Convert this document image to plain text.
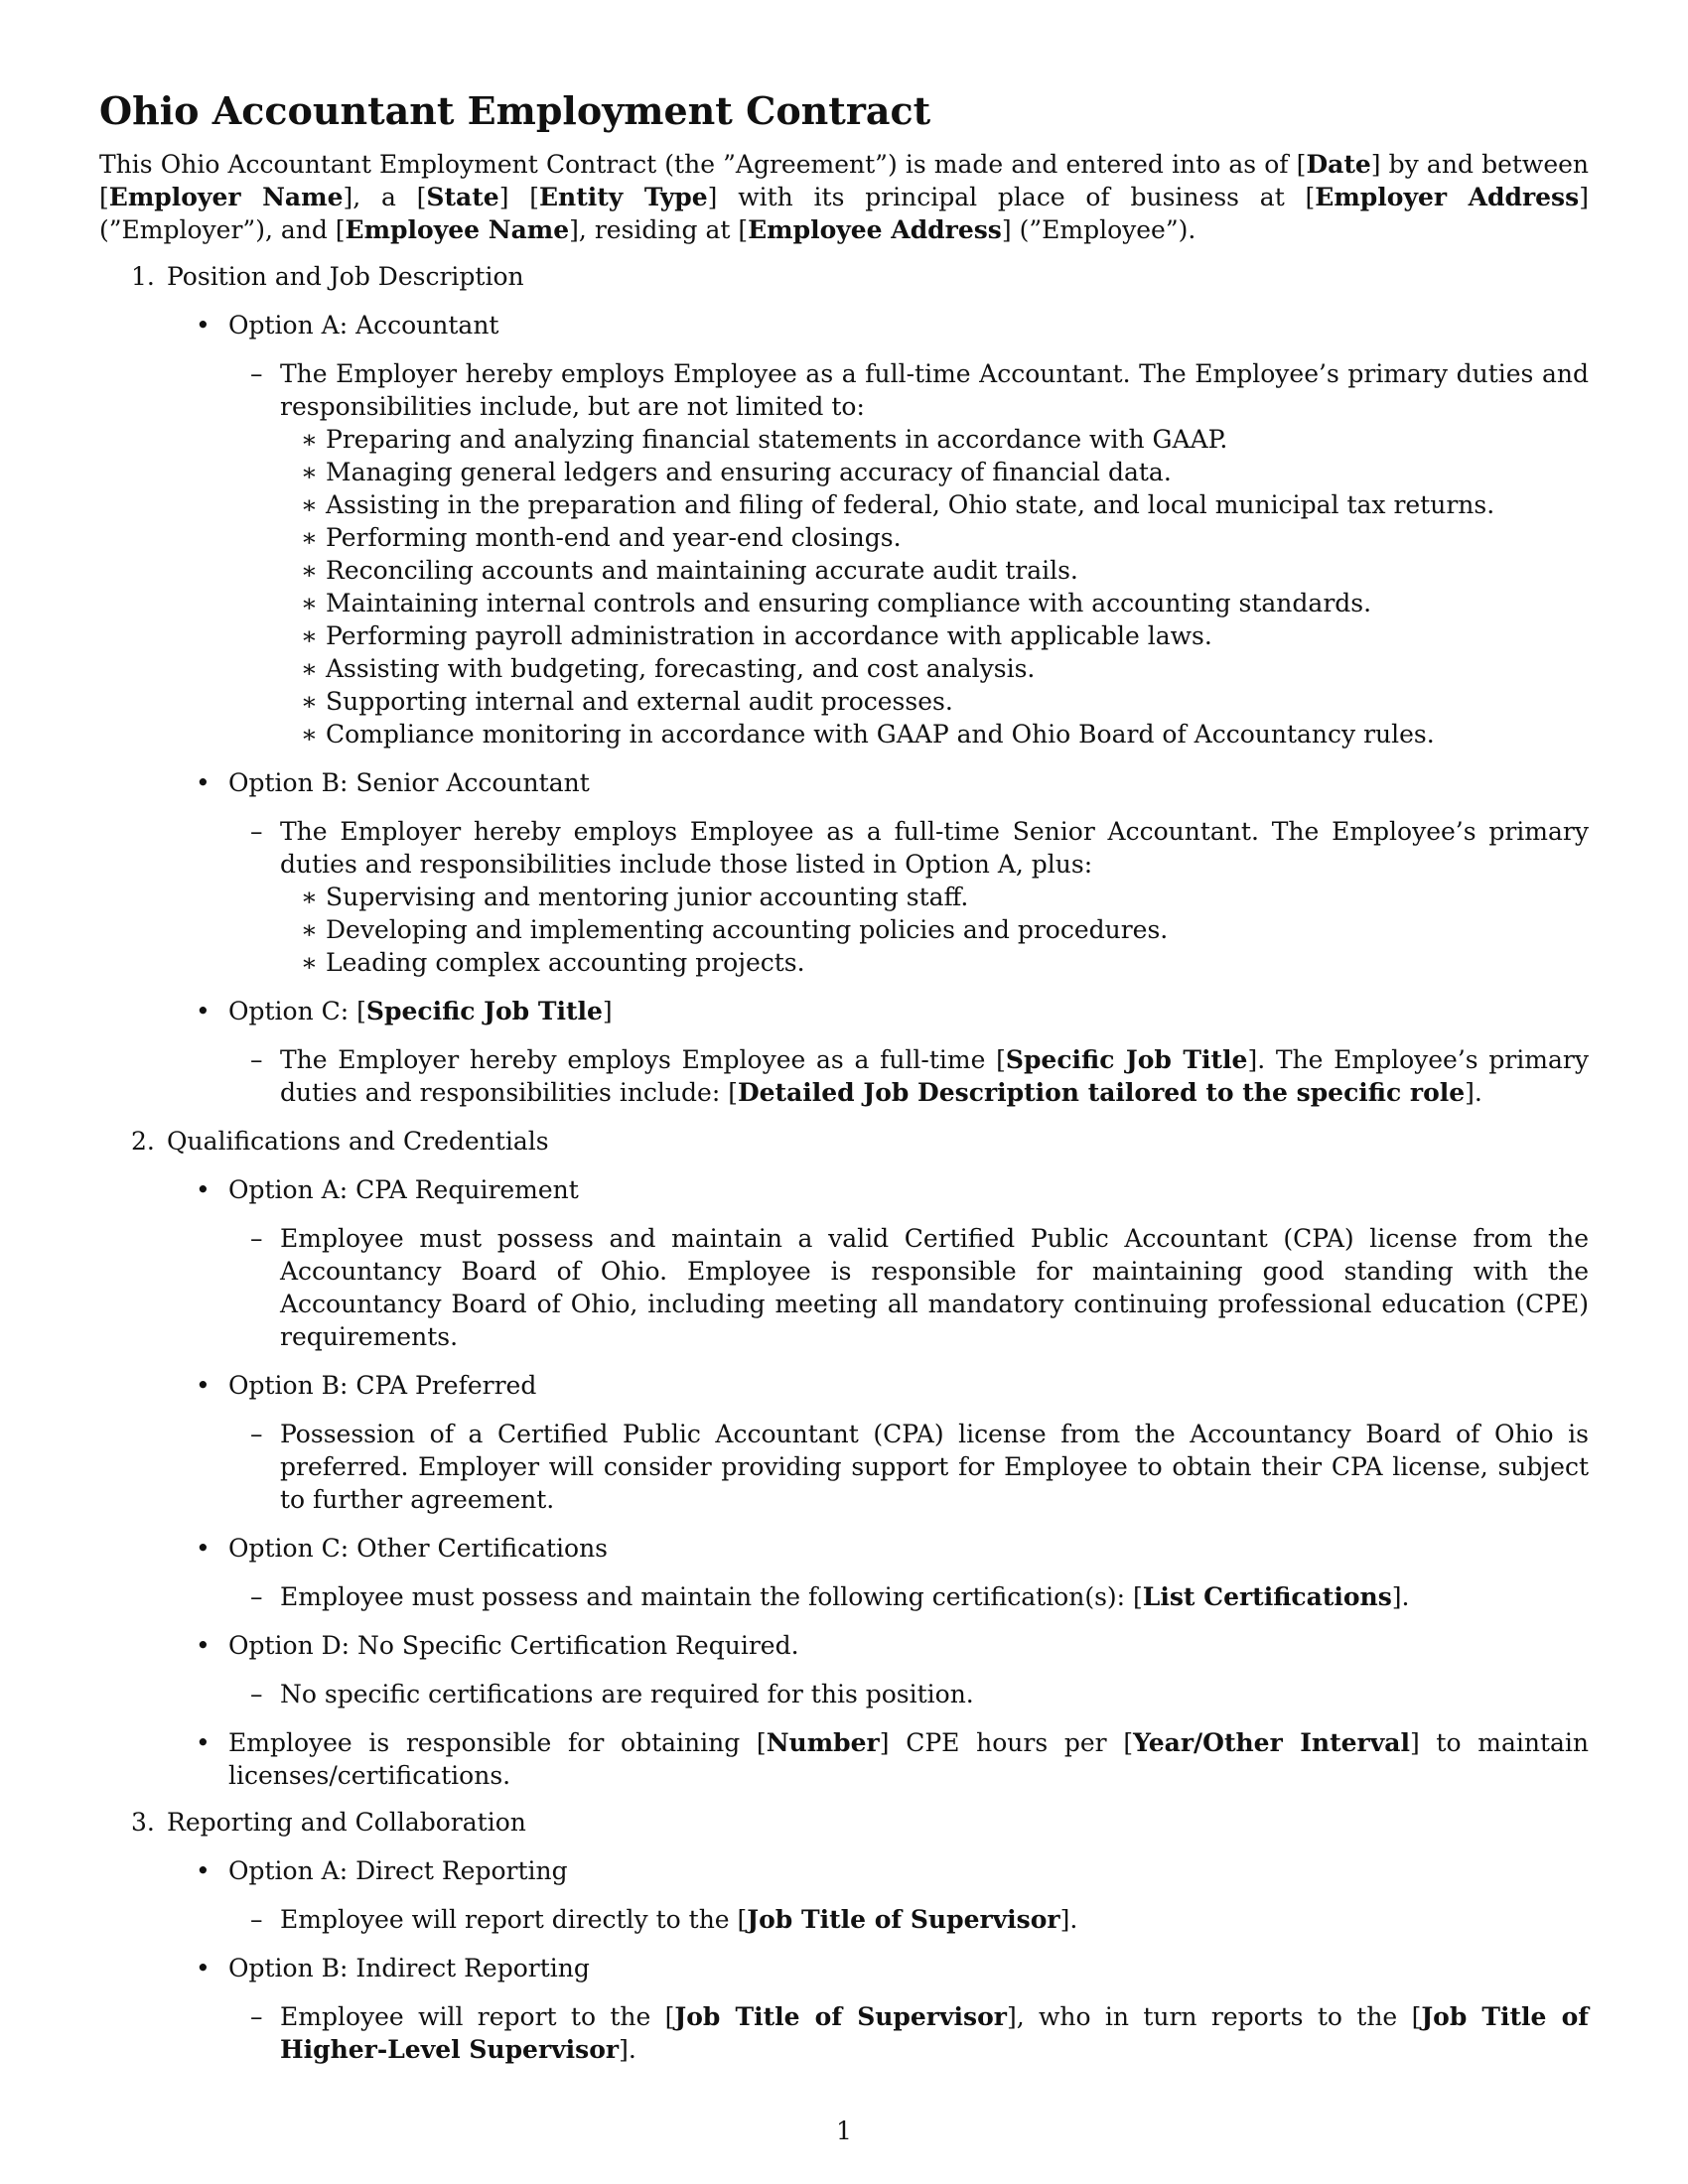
Ohio Accountant Employment Contract

This Ohio Accountant Employment Contract (the ”Agreement”) is made and entered into as of [Date] by and between [Employer Name], a [State] [Entity Type] with its principal place of business at [Employer Address] (”Employer”), and [Employee Name], residing at [Employee Address] (”Employee”).

1. Position and Job Description
• Option A: Accountant
– The Employer hereby employs Employee as a full-time Accountant. The Employee’s primary duties and responsibilities include, but are not limited to:
∗ Preparing and analyzing financial statements in accordance with GAAP.
∗ Managing general ledgers and ensuring accuracy of financial data.
∗ Assisting in the preparation and filing of federal, Ohio state, and local municipal tax returns.
∗ Performing month-end and year-end closings.
∗ Reconciling accounts and maintaining accurate audit trails.
∗ Maintaining internal controls and ensuring compliance with accounting standards.
∗ Performing payroll administration in accordance with applicable laws.
∗ Assisting with budgeting, forecasting, and cost analysis.
∗ Supporting internal and external audit processes.
∗ Compliance monitoring in accordance with GAAP and Ohio Board of Accountancy rules.
• Option B: Senior Accountant
– The Employer hereby employs Employee as a full-time Senior Accountant. The Employee’s primary duties and responsibilities include those listed in Option A, plus:
∗ Supervising and mentoring junior accounting staff.
∗ Developing and implementing accounting policies and procedures.
∗ Leading complex accounting projects.
• Option C: [Specific Job Title]
– The Employer hereby employs Employee as a full-time [Specific Job Title]. The Employee’s primary duties and responsibilities include: [Detailed Job Description tailored to the specific role].
2. Qualifications and Credentials
• Option A: CPA Requirement
– Employee must possess and maintain a valid Certified Public Accountant (CPA) license from the Accountancy Board of Ohio. Employee is responsible for maintaining good standing with the Accountancy Board of Ohio, including meeting all mandatory continuing professional education (CPE) requirements.
• Option B: CPA Preferred
– Possession of a Certified Public Accountant (CPA) license from the Accountancy Board of Ohio is preferred. Employer will consider providing support for Employee to obtain their CPA license, subject to further agreement.
• Option C: Other Certifications
– Employee must possess and maintain the following certification(s): [List Certifications].
• Option D: No Specific Certification Required.
– No specific certifications are required for this position.
• Employee is responsible for obtaining [Number] CPE hours per [Year/Other Interval] to maintain licenses/certifications.
3. Reporting and Collaboration
• Option A: Direct Reporting
– Employee will report directly to the [Job Title of Supervisor].
• Option B: Indirect Reporting
– Employee will report to the [Job Title of Supervisor], who in turn reports to the [Job Title of Higher-Level Supervisor].
1
